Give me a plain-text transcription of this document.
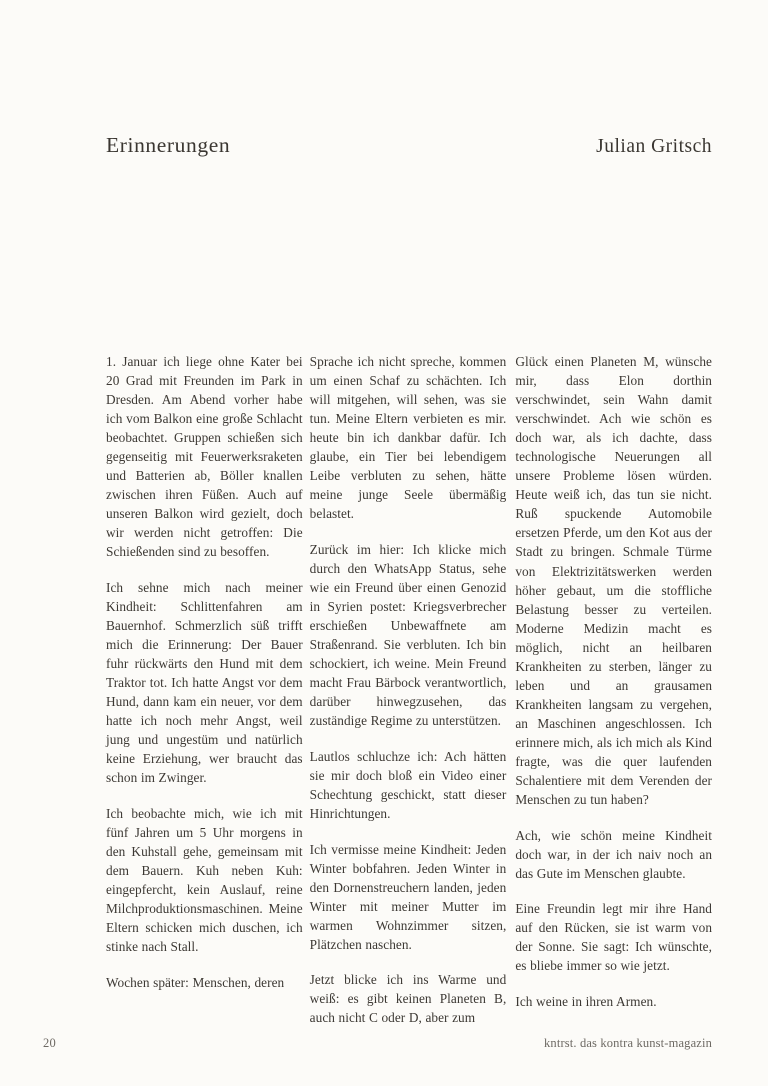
Erinnerungen	Julian Gritsch

1. Januar ich liege ohne Kater bei 20 Grad mit Freunden im Park in Dresden. Am Abend vorher habe ich vom Balkon eine große Schlacht beobachtet. Gruppen schießen sich gegenseitig mit Feuerwerksraketen und Batterien ab, Böller knallen zwischen ihren Füßen. Auch auf unseren Balkon wird gezielt, doch wir werden nicht getroffen: Die Schießenden sind zu besoffen.

Ich sehne mich nach meiner Kindheit: Schlittenfahren am Bauernhof. Schmerzlich süß trifft mich die Erinnerung: Der Bauer fuhr rückwärts den Hund mit dem Traktor tot. Ich hatte Angst vor dem Hund, dann kam ein neuer, vor dem hatte ich noch mehr Angst, weil jung und ungestüm und natürlich keine Erziehung, wer braucht das schon im Zwinger.

Ich beobachte mich, wie ich mit fünf Jahren um 5 Uhr morgens in den Kuhstall gehe, gemeinsam mit dem Bauern. Kuh neben Kuh: eingepfercht, kein Auslauf, reine Milchproduktionsmaschinen. Meine Eltern schicken mich duschen, ich stinke nach Stall.

Wochen später: Menschen, deren

Sprache ich nicht spreche, kommen um einen Schaf zu schächten. Ich will mitgehen, will sehen, was sie tun. Meine Eltern verbieten es mir. heute bin ich dankbar dafür. Ich glaube, ein Tier bei lebendigem Leibe verbluten zu sehen, hätte meine junge Seele übermäßig belastet.

Zurück im hier: Ich klicke mich durch den WhatsApp Status, sehe wie ein Freund über einen Genozid in Syrien postet: Kriegsverbrecher erschießen Unbewaffnete am Straßenrand. Sie verbluten. Ich bin schockiert, ich weine. Mein Freund macht Frau Bärbock verantwortlich, darüber hinwegzusehen, das zuständige Regime zu unterstützen.

Lautlos schluchze ich: Ach hätten sie mir doch bloß ein Video einer Schechtung geschickt, statt dieser Hinrichtungen.

Ich vermisse meine Kindheit: Jeden Winter bobfahren. Jeden Winter in den Dornenstreuchern landen, jeden Winter mit meiner Mutter im warmen Wohnzimmer sitzen, Plätzchen naschen.

Jetzt blicke ich ins Warme und weiß: es gibt keinen Planeten B, auch nicht C oder D, aber zum

Glück einen Planeten M, wünsche mir, dass Elon dorthin verschwindet, sein Wahn damit verschwindet. Ach wie schön es doch war, als ich dachte, dass technologische Neuerungen all unsere Probleme lösen würden. Heute weiß ich, das tun sie nicht. Ruß spuckende Automobile ersetzen Pferde, um den Kot aus der Stadt zu bringen. Schmale Türme von Elektrizitätswerken werden höher gebaut, um die stoffliche Belastung besser zu verteilen. Moderne Medizin macht es möglich, nicht an heilbaren Krankheiten zu sterben, länger zu leben und an grausamen Krankheiten langsam zu vergehen, an Maschinen angeschlossen. Ich erinnere mich, als ich mich als Kind fragte, was die quer laufenden Schalentiere mit dem Verenden der Menschen zu tun haben?

Ach, wie schön meine Kindheit doch war, in der ich naiv noch an das Gute im Menschen glaubte.

Eine Freundin legt mir ihre Hand auf den Rücken, sie ist warm von der Sonne. Sie sagt: Ich wünschte, es bliebe immer so wie jetzt.

Ich weine in ihren Armen.

20	kntrst. das kontra kunst-magazin
